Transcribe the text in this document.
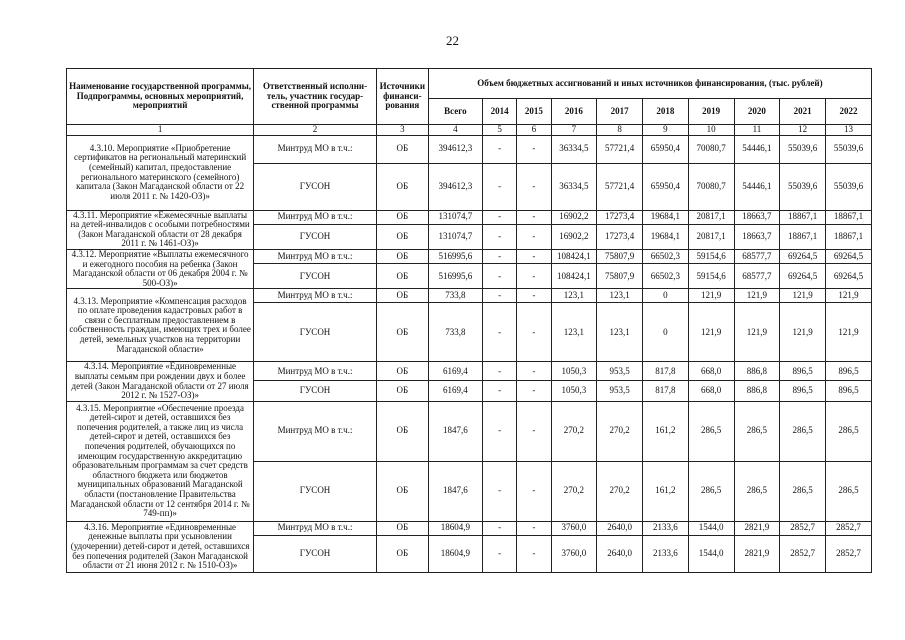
22
Наименование государственной программы, Подпрограммы, основных мероприятий, мероприятий	Ответственный исполни-тель, участник государ-ственной программы	Источники финанси-рования	Объем бюджетных ассигнований и иных источников финансирования, (тыс. рублей)									
			Всего	2014	2015	2016	2017	2018	2019	2020	2021	2022
1	2	3	4	5	6	7	8	9	10	11	12	13
4.3.10. Мероприятие «Приобретение сертификатов на региональный материнский (семейный) капитал, предоставление регионального материнского (семейного) капитала (Закон Магаданской области от 22 июля 2011 г. № 1420-ОЗ)»	Минтруд МО в т.ч.:	ОБ	394612,3	-	-	36334,5	57721,4	65950,4	70080,7	54446,1	55039,6	55039,6
	ГУСОН	ОБ	394612,3	-	-	36334,5	57721,4	65950,4	70080,7	54446,1	55039,6	55039,6
4.3.11. Мероприятие «Ежемесячные выплаты на детей-инвалидов с особыми потребностями (Закон Магаданской области от 28 декабря 2011 г. № 1461-ОЗ)»	Минтруд МО в т.ч.:	ОБ	131074,7	-	-	16902,2	17273,4	19684,1	20817,1	18663,7	18867,1	18867,1
	ГУСОН	ОБ	131074,7	-	-	16902,2	17273,4	19684,1	20817,1	18663,7	18867,1	18867,1
4.3.12. Мероприятие «Выплаты ежемесячного и ежегодного пособия на ребенка (Закон Магаданской области от 06 декабря 2004 г. № 500-ОЗ)»	Минтруд МО в т.ч.:	ОБ	516995,6	-	-	108424,1	75807,9	66502,3	59154,6	68577,7	69264,5	69264,5
	ГУСОН	ОБ	516995,6	-	-	108424,1	75807,9	66502,3	59154,6	68577,7	69264,5	69264,5
4.3.13. Мероприятие «Компенсация расходов по оплате проведения кадастровых работ в связи с бесплатным предоставлением в собственность граждан, имеющих трех и более детей, земельных участков на территории Магаданской области»	Минтруд МО в т.ч.:	ОБ	733,8	-	-	123,1	123,1	0	121,9	121,9	121,9	121,9
	ГУСОН	ОБ	733,8	-	-	123,1	123,1	0	121,9	121,9	121,9	121,9
4.3.14. Мероприятие «Единовременные выплаты семьям при рождении двух и более детей (Закон Магаданской области от 27 июля 2012 г. № 1527-ОЗ)»	Минтруд МО в т.ч.:	ОБ	6169,4	-	-	1050,3	953,5	817,8	668,0	886,8	896,5	896,5
	ГУСОН	ОБ	6169,4	-	-	1050,3	953,5	817,8	668,0	886,8	896,5	896,5
4.3.15. Мероприятие «Обеспечение проезда детей-сирот и детей, оставшихся без попечения родителей, а также лиц из числа детей-сирот и детей, оставшихся без попечения родителей, обучающихся по имеющим государственную аккредитацию образовательным программам за счет средств областного бюджета или бюджетов муниципальных образований Магаданской области (постановление Правительства Магаданской области от 12 сентября 2014 г. № 749-пп)»	Минтруд МО в т.ч.:	ОБ	1847,6	-	-	270,2	270,2	161,2	286,5	286,5	286,5	286,5
	ГУСОН	ОБ	1847,6	-	-	270,2	270,2	161,2	286,5	286,5	286,5	286,5
4.3.16. Мероприятие «Единовременные денежные выплаты при усыновлении (удочерении) детей-сирот и детей, оставшихся без попечения родителей (Закон Магаданской области от 21 июня 2012 г. № 1510-ОЗ)»	Минтруд МО в т.ч.:	ОБ	18604,9	-	-	3760,0	2640,0	2133,6	1544,0	2821,9	2852,7	2852,7
	ГУСОН	ОБ	18604,9	-	-	3760,0	2640,0	2133,6	1544,0	2821,9	2852,7	2852,7
